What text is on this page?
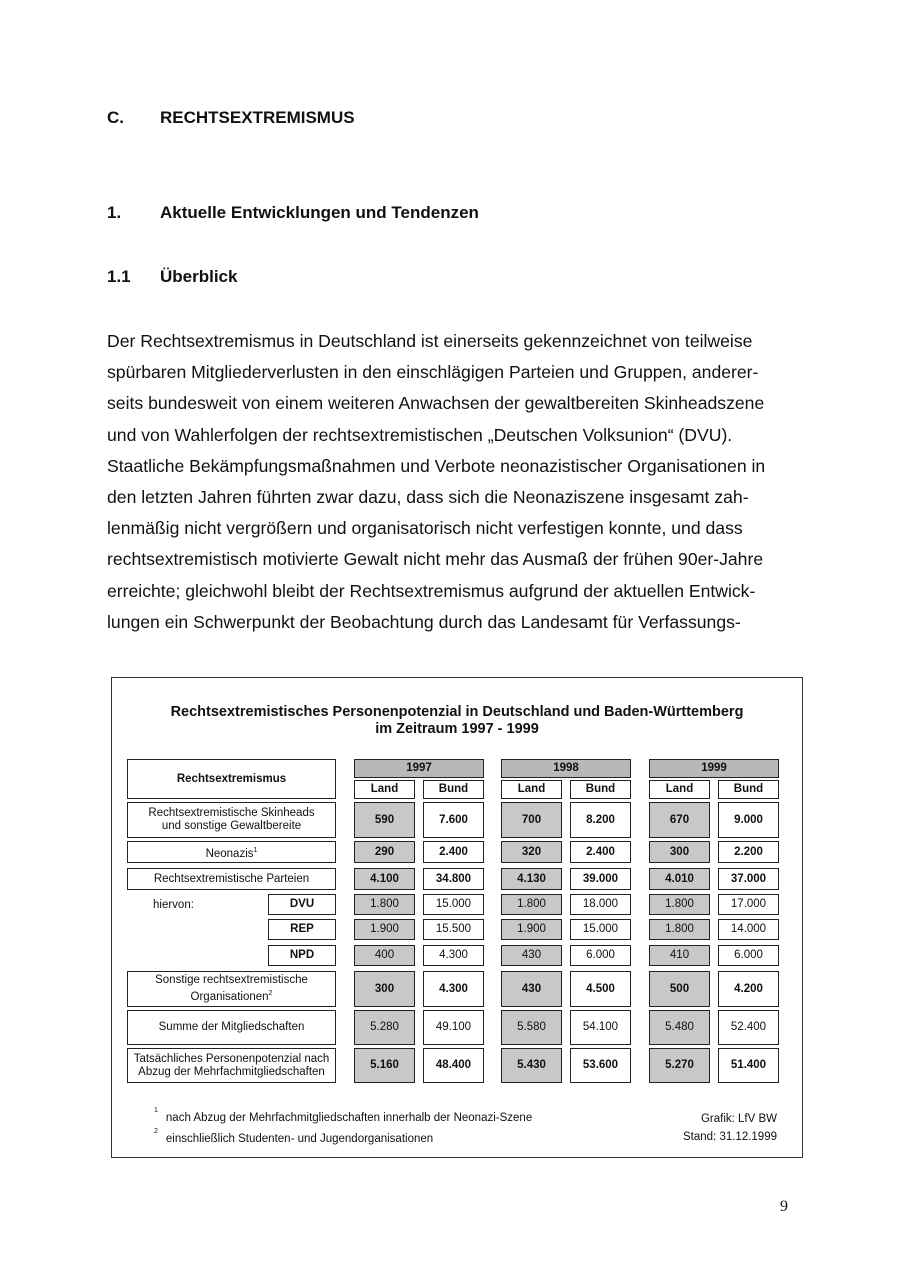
C. RECHTSEXTREMISMUS
1. Aktuelle Entwicklungen und Tendenzen
1.1 Überblick
Der Rechtsextremismus in Deutschland ist einerseits gekennzeichnet von teilweise
spürbaren Mitgliederverlusten in den einschlägigen Parteien und Gruppen, anderer-
seits bundesweit von einem weiteren Anwachsen der gewaltbereiten Skinheadszene
und von Wahlerfolgen der rechtsextremistischen „Deutschen Volksunion“ (DVU).
Staatliche Bekämpfungsmaßnahmen und Verbote neonazistischer Organisationen in
den letzten Jahren führten zwar dazu, dass sich die Neonaziszene insgesamt zah-
lenmäßig nicht vergrößern und organisatorisch nicht verfestigen konnte, und dass
rechtsextremistisch motivierte Gewalt nicht mehr das Ausmaß der frühen 90er-Jahre
erreichte; gleichwohl bleibt der Rechtsextremismus aufgrund der aktuellen Entwick-
lungen ein Schwerpunkt der Beobachtung durch das Landesamt für Verfassungs-
Rechtsextremistisches Personenpotenzial in Deutschland und Baden-Württemberg
im Zeitraum 1997 - 1999
Rechtsextremismus
1997
Land	Bund
1998
Land	Bund
1999
Land	Bund
Rechtsextremistische Skinheads
und sonstige Gewaltbereite
590	7.600	700	8.200	670	9.000
Neonazis$^1$	290	2.400	320	2.400	300	2.200
Rechtsextremistische Parteien	4.100	34.800	4.130	39.000	4.010	37.000
DVU	1.800	15.000	1.800	18.000	1.800	17.000
REP	1.900	15.500	1.900	15.000	1.800	14.000
NPD	400	4.300	430	6.000	410	6.000
Sonstige rechtsextremistische
Organisationen$^2$	300	4.300	430	4.500	500	4.200
Summe der Mitgliedschaften	5.280	49.100	5.580	54.100	5.480	52.400
Tatsächliches Personenpotenzial nach
Abzug der Mehrfachmitgliedschaften
5.160	48.400	5.430	53.600	5.270	51.400
hiervon:
$^1$nach Abzug der Mehrfachmitgliedschaften innerhalb der Neonazi-Szene
$^2$einschließlich Studenten- und Jugendorganisationen
Grafik: LfV BW
Stand: 31.12.1999
9
